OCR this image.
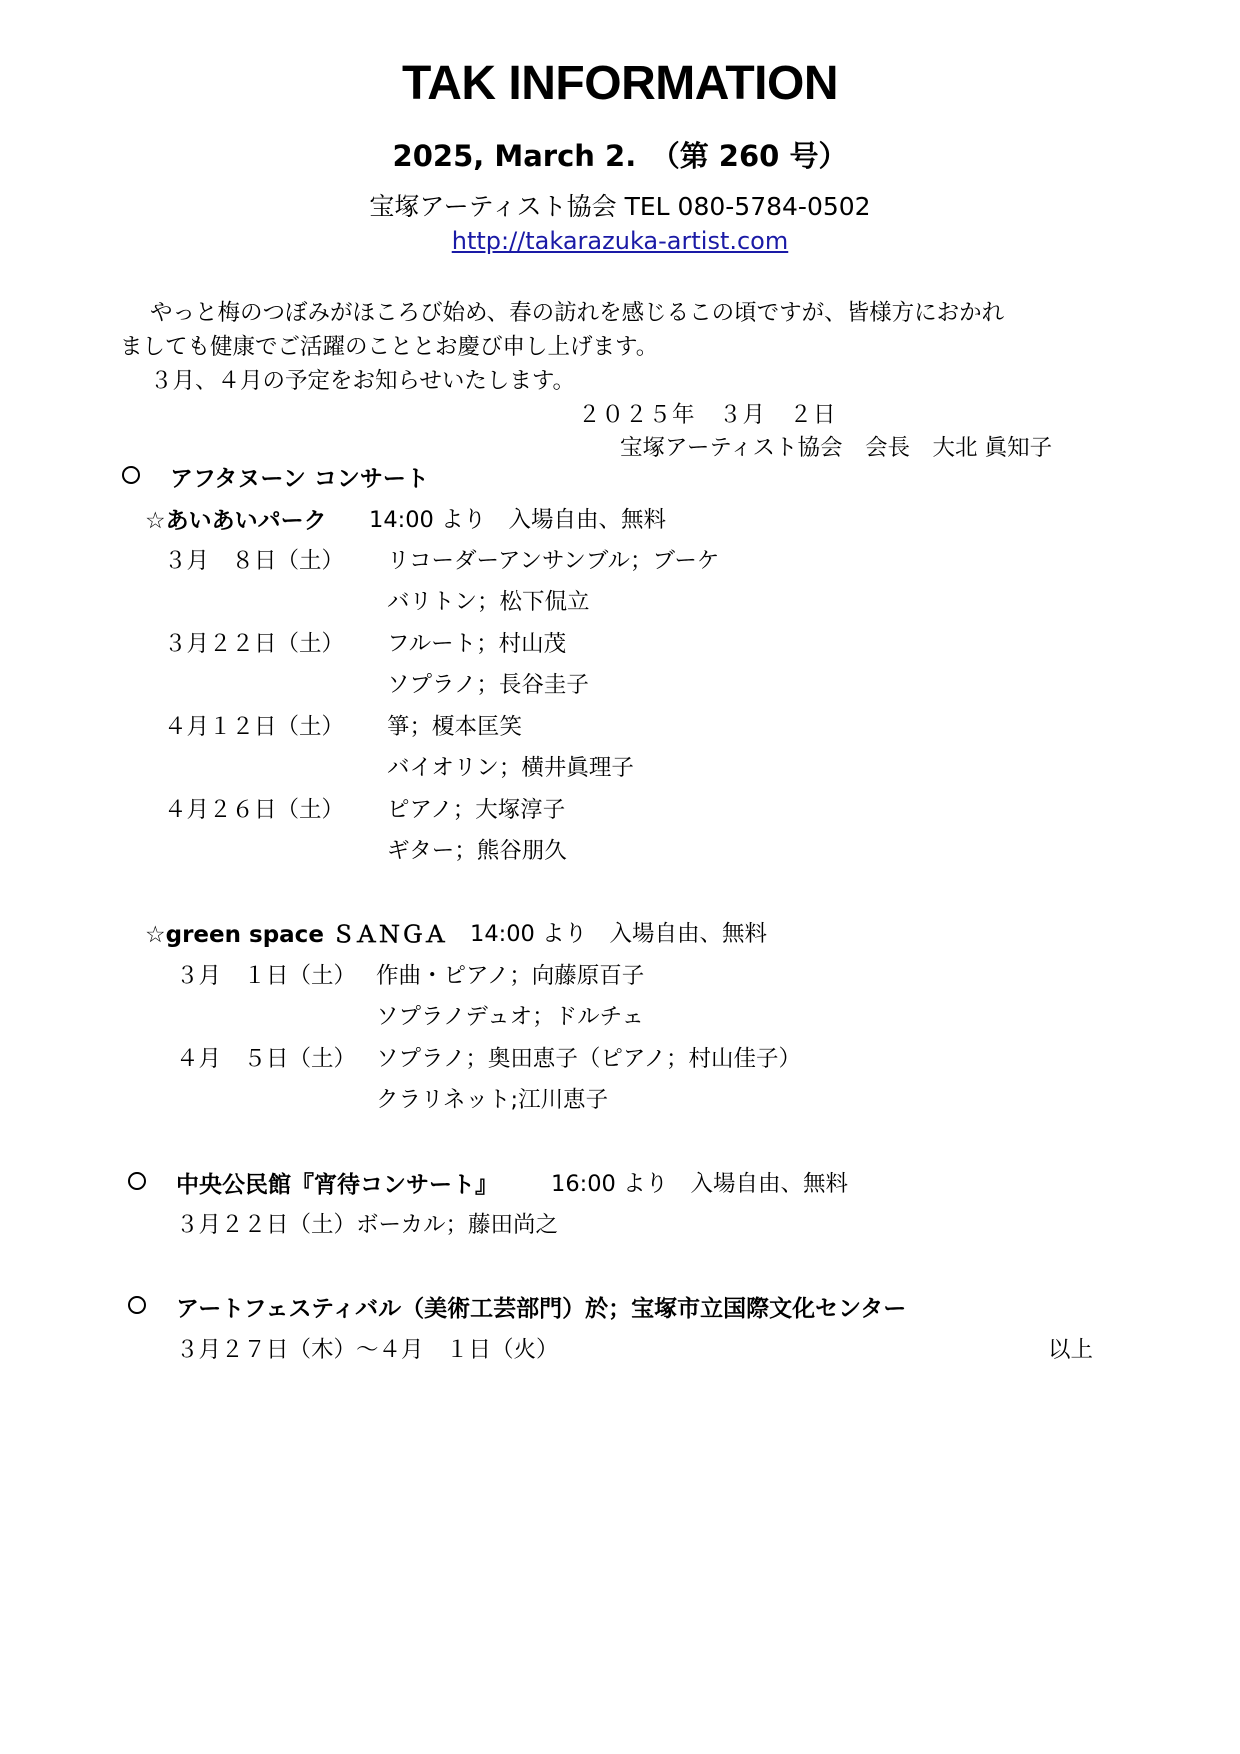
TAK INFORMATION
2025, March 2.　（第 260 号）
宝塚アーティスト協会 TEL 080-5784-0502
http://takarazuka-artist.com
やっと梅のつぼみがほころび始め、春の訪れを感じるこの頃ですが、皆様方におかれ
ましても健康でご活躍のこととお慶び申し上げます。
３月、４月の予定をお知らせいたします。
２０２５年　３月　２日
宝塚アーティスト協会　会長　大北 眞知子
アフタヌーン コンサート
☆あいあいパーク 14:00 より　入場自由、無料
３月　８日（土） リコーダーアンサンブル；ブーケ
バリトン；松下侃立
３月２２日（土） フルート；村山茂
ソプラノ；長谷圭子
４月１２日（土） 箏；榎本匡笑
バイオリン；横井眞理子
４月２６日（土） ピアノ；大塚淳子
ギター；熊谷朋久
☆green space ＳＡＮＧＡ 14:00 より　入場自由、無料
３月　１日（土） 作曲・ピアノ；向藤原百子
ソプラノデュオ；ドルチェ
４月　５日（土） ソプラノ；奥田恵子（ピアノ；村山佳子）
クラリネット;江川恵子
中央公民館『宵待コンサート』 16:00 より　入場自由、無料
３月２２日（土）ボーカル；藤田尚之
アートフェスティバル（美術工芸部門）於；宝塚市立国際文化センター
３月２７日（木）～４月　１日（火）	以上
